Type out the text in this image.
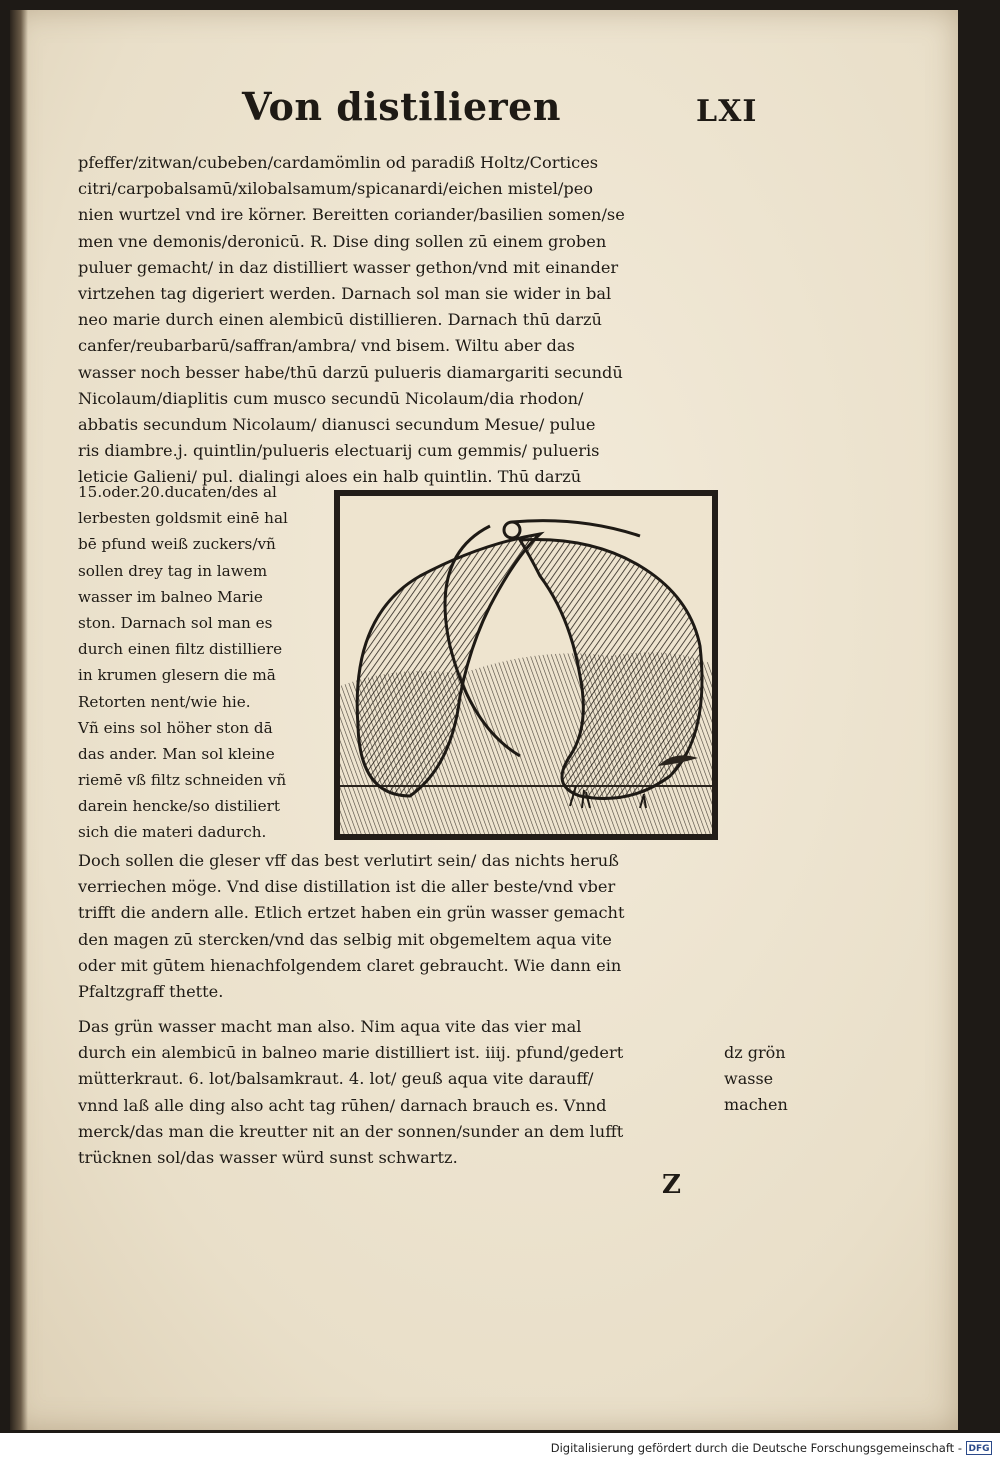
Von distilieren	LXI
pfeffer/zitwan/cubeben/cardamömlin od paradiß Holtz/Cortices
citri/carpobalsamū/xilobalsamum/spicanardi/eichen mistel/peo
nien wurtzel vnd ire körner. Bereitten coriander/basilien somen/se
men vne demonis/deronicū. R. Dise ding sollen zū einem groben
puluer gemacht/ in daz distilliert wasser gethon/vnd mit einander
virtzehen tag digeriert werden. Darnach sol man sie wider in bal
neo marie durch einen alembicū distillieren. Darnach thū darzū
canfer/reubarbarū/saffran/ambra/ vnd bisem. Wiltu aber das
wasser noch besser habe/thū darzū pulueris diamargariti secundū
Nicolaum/diaplitis cum musco secundū Nicolaum/dia rhodon/
abbatis secundum Nicolaum/ dianusci secundum Mesue/ pulue
ris diambre.j. quintlin/pulueris electuarij cum gemmis/ pulueris
leticie Galieni/ pul. dialingi aloes ein halb quintlin. Thū darzū
15.oder.20.ducaten/des al
lerbesten goldsmit einē hal
bē pfund weiß zuckers/vñ
sollen drey tag in lawem
wasser im balneo Marie
ston. Darnach sol man es
durch einen filtz distilliere
in krumen glesern die mā
Retorten nent/wie hie.
Vñ eins sol höher ston dā
das ander. Man sol kleine
riemē vß filtz schneiden vñ
darein hencke/so distiliert
sich die materi dadurch.
Doch sollen die gleser vff das best verlutirt sein/ das nichts heruß
verriechen möge. Vnd dise distillation ist die aller beste/vnd vber
trifft die andern alle. Etlich ertzet haben ein grün wasser gemacht
den magen zū stercken/vnd das selbig mit obgemeltem aqua vite
oder mit gūtem hienachfolgendem claret gebraucht. Wie dann ein
Pfaltzgraff thette.
Das grün wasser macht man also. Nim aqua vite das vier mal
durch ein alembicū in balneo marie distilliert ist. iiij. pfund/gedert
mütterkraut. 6. lot/balsamkraut. 4. lot/ geuß aqua vite darauff/
vnnd laß alle ding also acht tag rūhen/ darnach brauch es. Vnnd
merck/das man die kreutter nit an der sonnen/sunder an dem lufft
trücknen sol/das wasser würd sunst schwartz.
dz grön
wasse
machen
Z
Digitalisierung gefördert durch die Deutsche Forschungsgemeinschaft - DFG
